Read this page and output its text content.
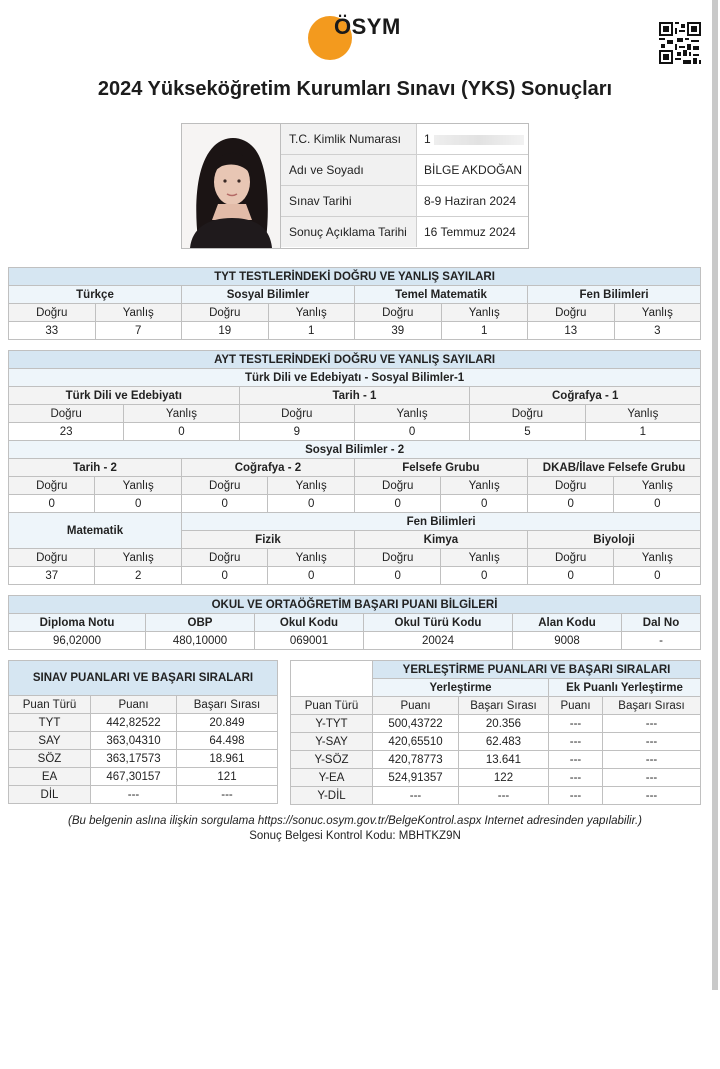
ÖSYM
2024 Yükseköğretim Kurumları Sınavı (YKS) Sonuçları
T.C. Kimlik Numarası	1
Adı ve Soyadı	BİLGE AKDOĞAN
Sınav Tarihi	8-9 Haziran 2024
Sonuç Açıklama Tarihi	16 Temmuz 2024
TYT TESTLERİNDEKİ DOĞRU VE YANLIŞ SAYILARI							
Türkçe		Sosyal Bilimler		Temel Matematik		Fen Bilimleri	
Doğru	Yanlış	Doğru	Yanlış	Doğru	Yanlış	Doğru	Yanlış
33	7	19	1	39	1	13	3
AYT TESTLERİNDEKİ DOĞRU VE YANLIŞ SAYILARI											
Türk Dili ve Edebiyatı - Sosyal Bilimler-1											
Türk Dili ve Edebiyatı				Tarih - 1				Coğrafya - 1			
Doğru		Yanlış		Doğru		Yanlış		Doğru		Yanlış	
23		0		9		0		5		1	
Sosyal Bilimler - 2											
Tarih - 2			Coğrafya - 2			Felsefe Grubu			DKAB/İlave Felsefe Grubu		
Doğru	Yanlış		Doğru		Yanlış	Doğru	Yanlış		Doğru		Yanlış
0	0		0		0	0	0		0		0
Matematik			Fen Bilimleri								
			Fizik			Kimya			Biyoloji		
Doğru	Yanlış		Doğru		Yanlış	Doğru	Yanlış		Doğru		Yanlış
37	2		0		0	0	0		0		0
OKUL VE ORTAÖĞRETİM BAŞARI PUANI BİLGİLERİ					
Diploma Notu	OBP	Okul Kodu	Okul Türü Kodu	Alan Kodu	Dal No
96,02000	480,10000	069001	20024	9008	-
SINAV PUANLARI VE BAŞARI SIRALARI		
Puan Türü	Puanı	Başarı Sırası
TYT	442,82522	20.849
SAY	363,04310	64.498
SÖZ	363,17573	18.961
EA	467,30157	121
DİL	---	---
	YERLEŞTİRME PUANLARI VE BAŞARI SIRALARI			
	Yerleştirme		Ek Puanlı Yerleştirme	
Puan Türü	Puanı	Başarı Sırası	Puanı	Başarı Sırası
Y-TYT	500,43722	20.356	---	---
Y-SAY	420,65510	62.483	---	---
Y-SÖZ	420,78773	13.641	---	---
Y-EA	524,91357	122	---	---
Y-DİL	---	---	---	---
(Bu belgenin aslına ilişkin sorgulama https://sonuc.osym.gov.tr/BelgeKontrol.aspx Internet adresinden yapılabilir.)
Sonuç Belgesi Kontrol Kodu: MBHTKZ9N
